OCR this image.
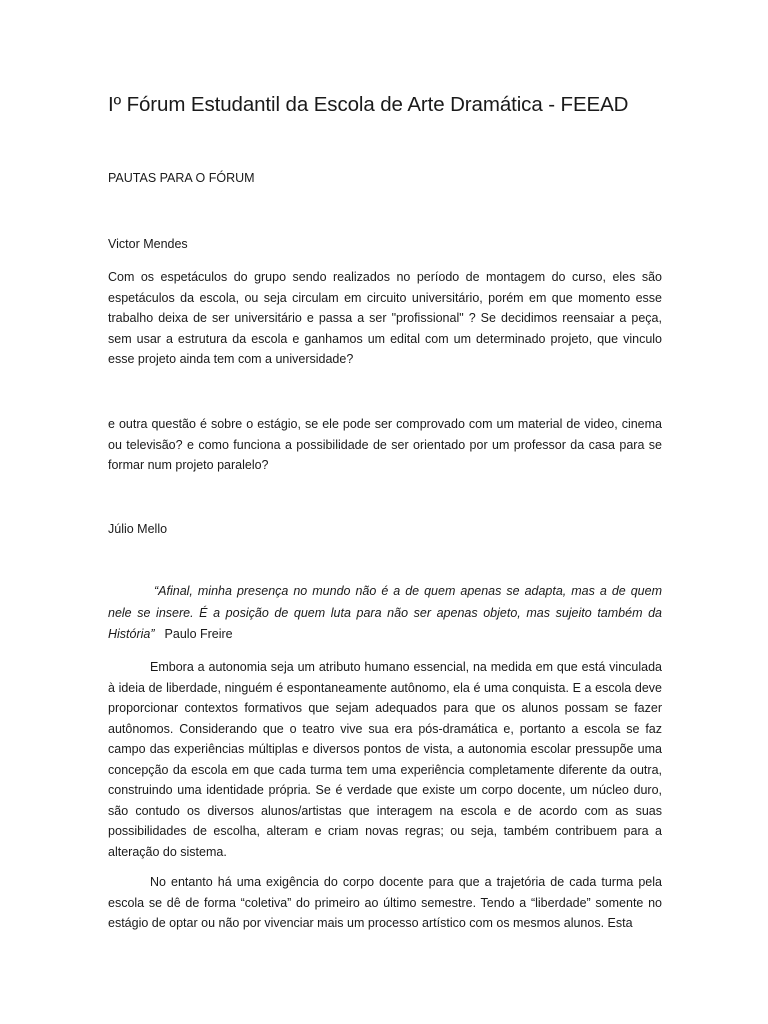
Iº Fórum Estudantil da Escola de Arte Dramática - FEEAD
PAUTAS PARA O FÓRUM
Victor Mendes

Com os espetáculos do grupo sendo realizados no período de montagem do curso, eles são espetáculos da escola, ou seja circulam em circuito universitário, porém em que momento esse trabalho deixa de ser universitário e passa a ser "profissional" ? Se decidimos reensaiar a peça, sem usar a estrutura da escola e ganhamos um edital com um determinado projeto, que vinculo esse projeto ainda tem com a universidade?

e outra questão é sobre o estágio, se ele pode ser comprovado com um material de video, cinema ou televisão? e como funciona a possibilidade de ser orientado por um professor da casa para se formar num projeto paralelo?

Júlio Mello

“Afinal, minha presença no mundo não é a de quem apenas se adapta, mas a de quem nele se insere. É a posição de quem luta para não ser apenas objeto, mas sujeito também da História” Paulo Freire

Embora a autonomia seja um atributo humano essencial, na medida em que está vinculada à ideia de liberdade, ninguém é espontaneamente autônomo, ela é uma conquista. E a escola deve proporcionar contextos formativos que sejam adequados para que os alunos possam se fazer autônomos. Considerando que o teatro vive sua era pós-dramática e, portanto a escola se faz campo das experiências múltiplas e diversos pontos de vista, a autonomia escolar pressupõe uma concepção da escola em que cada turma tem uma experiência completamente diferente da outra, construindo uma identidade própria. Se é verdade que existe um corpo docente, um núcleo duro, são contudo os diversos alunos/artistas que interagem na escola e de acordo com as suas possibilidades de escolha, alteram e criam novas regras; ou seja, também contribuem para a alteração do sistema.

No entanto há uma exigência do corpo docente para que a trajetória de cada turma pela escola se dê de forma “coletiva” do primeiro ao último semestre. Tendo a “liberdade” somente no estágio de optar ou não por vivenciar mais um processo artístico com os mesmos alunos. Esta
